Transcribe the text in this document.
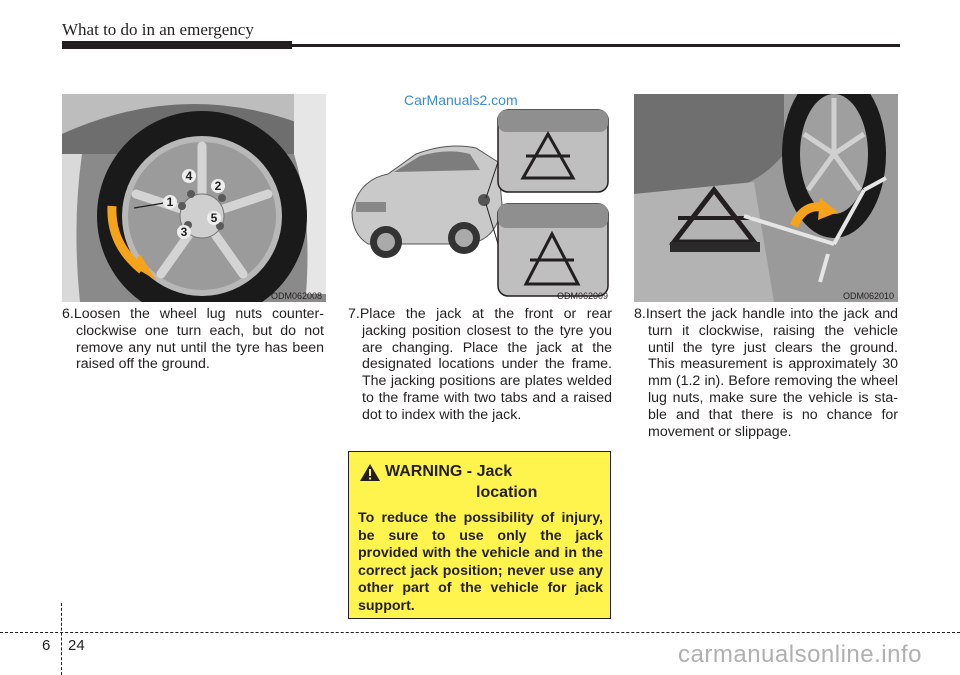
What to do in an emergency
1
2
3
4
5
ODM062008
CarManuals2.com
ODM062009	ODM062010

6.Loosen the wheel lug nuts counter-clockwise one turn each, but do not remove any nut until the tyre has been raised off the ground.

7.Place the jack at the front or rear jacking position closest to the tyre you are changing. Place the jack at the designated locations under the frame. The jacking positions are plates welded to the frame with two tabs and a raised dot to index with the jack.

8.Insert the jack handle into the jack and turn it clockwise, raising the vehicle until the tyre just clears the ground. This measurement is approximately 30 mm (1.2 in). Before removing the wheel lug nuts, make sure the vehicle is sta-ble and that there is no chance for movement or slippage.

WARNING - Jack
location
To reduce the possibility of injury, be sure to use only the jack provided with the vehicle and in the correct jack position; never use any other part of the vehicle for jack support.
6 24	carmanualsonline.info
